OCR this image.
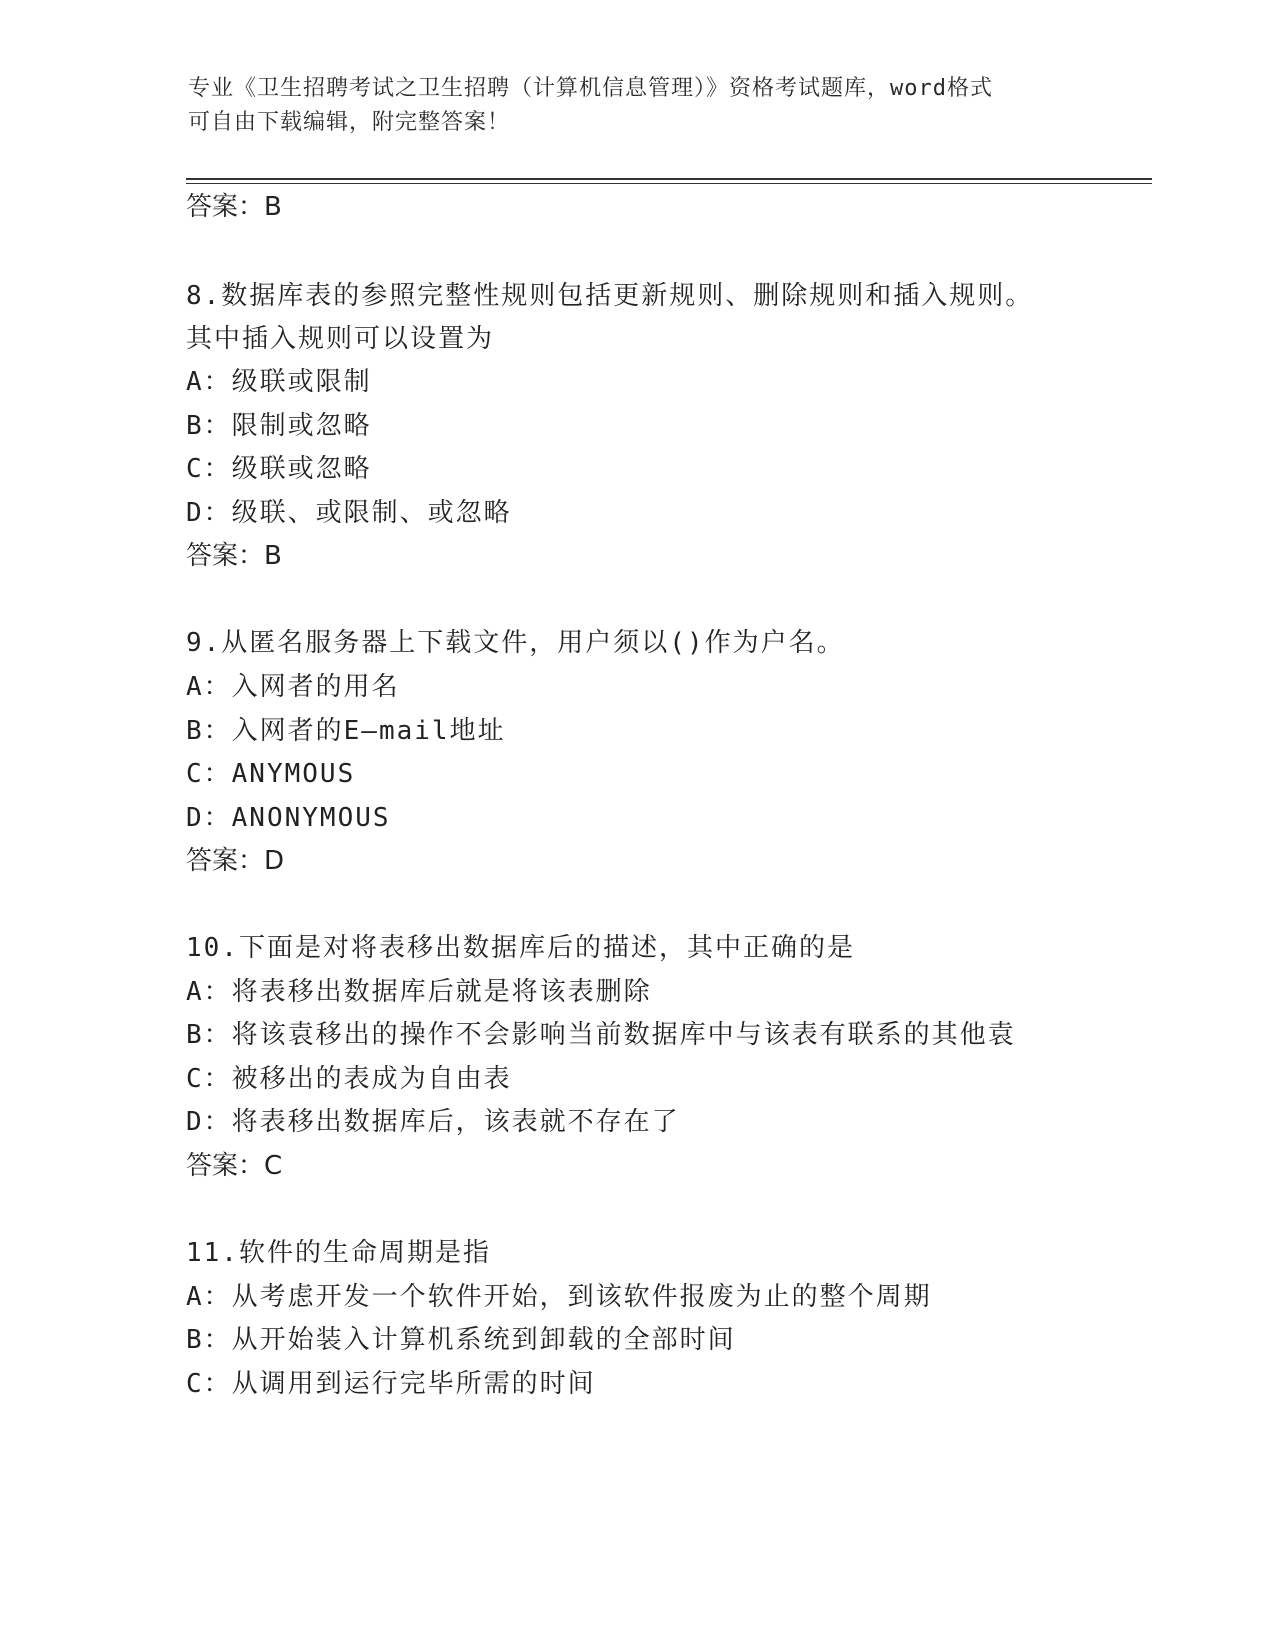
专业《卫生招聘考试之卫生招聘（计算机信息管理）》资格考试题库，word格式
可自由下载编辑，附完整答案！
答案：B
8.数据库表的参照完整性规则包括更新规则、删除规则和插入规则。
其中插入规则可以设置为
A：级联或限制
B：限制或忽略
C：级联或忽略
D：级联、或限制、或忽略
答案：B
9.从匿名服务器上下载文件，用户须以()作为户名。
A：入网者的用名
B：入网者的E—mail地址
C：ANYMOUS
D：ANONYMOUS
答案：D
10.下面是对将表移出数据库后的描述，其中正确的是
A：将表移出数据库后就是将该表删除
B：将该袁移出的操作不会影响当前数据库中与该表有联系的其他袁
C：被移出的表成为自由表
D：将表移出数据库后，该表就不存在了
答案：C
11.软件的生命周期是指
A：从考虑开发一个软件开始，到该软件报废为止的整个周期
B：从开始装入计算机系统到卸载的全部时间
C：从调用到运行完毕所需的时间
